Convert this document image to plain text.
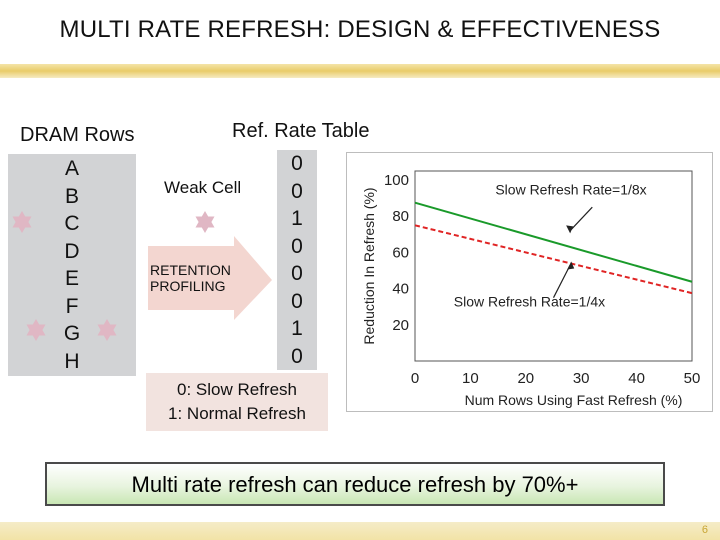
MULTI RATE REFRESH: DESIGN & EFFECTIVENESS
DRAM Rows	Ref. Rate Table
A
B
C
D
E
F
G
H
Weak Cell
RETENTION
PROFILING
0
0
1
0
0
0
1
0
0: Slow Refresh
1: Normal Refresh
0	10	20	30	40	50
20
40
60
80
100
Num Rows Using Fast Refresh (%)
Reduction In Refresh (%)	Slow Refresh Rate=1/8x
Slow Refresh Rate=1/4x
Multi rate refresh can reduce refresh by 70%+
6
